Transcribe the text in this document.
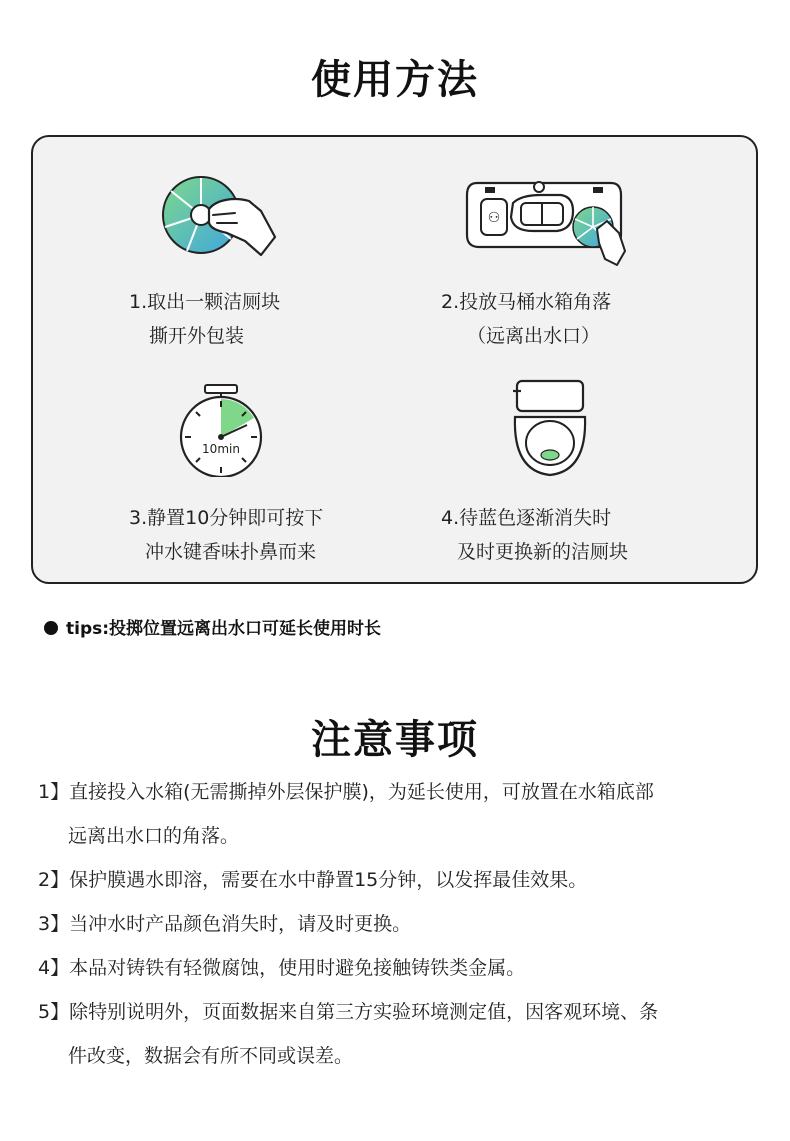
使用方法
1.取出一颗洁厕块
撕开外包装
⚇
2.投放马桶水箱角落
（远离出水口）
10min
3.静置10分钟即可按下
冲水键香味扑鼻而来
4.待蓝色逐渐消失时
及时更换新的洁厕块
tips:投掷位置远离出水口可延长使用时长
注意事项
1】直接投入水箱(无需撕掉外层保护膜)，为延长使用，可放置在水箱底部
远离出水口的角落。
2】保护膜遇水即溶，需要在水中静置15分钟，以发挥最佳效果。
3】当冲水时产品颜色消失时，请及时更换。
4】本品对铸铁有轻微腐蚀，使用时避免接触铸铁类金属。
5】除特别说明外，页面数据来自第三方实验环境测定值，因客观环境、条
件改变，数据会有所不同或误差。
